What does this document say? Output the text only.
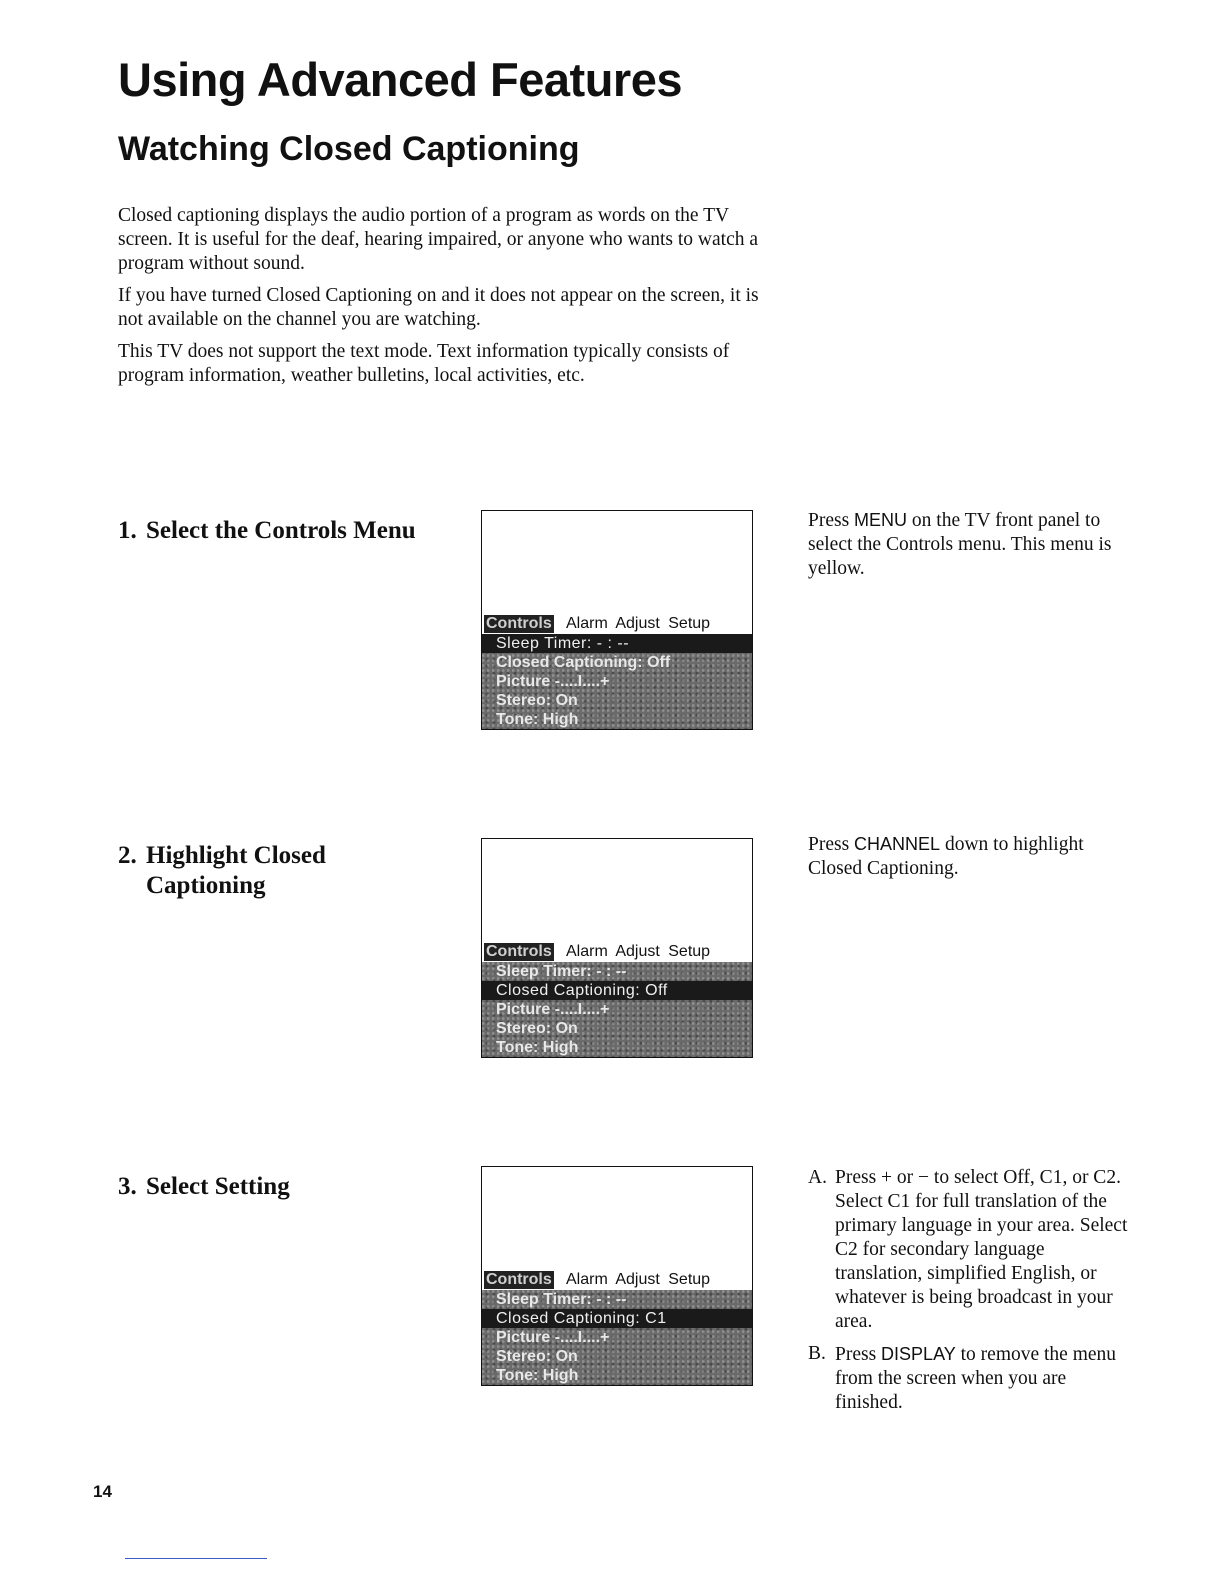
Using Advanced Features
Watching Closed Captioning

Closed captioning displays the audio portion of a program as words on the TV screen. It is useful for the deaf, hearing impaired, or anyone who wants to watch a program without sound.

If you have turned Closed Captioning on and it does not appear on the screen, it is not available on the channel you are watching.

This TV does not support the text mode. Text information typically consists of program information, weather bulletins, local activities, etc.

1. Select the Controls Menu
Controls Alarm Adjust Setup
Sleep Timer: - : --
Closed Captioning: Off
Picture -....I....+
Stereo: On
Tone: High

Press MENU on the TV front panel to select the Controls menu. This menu is yellow.

2. Highlight Closed Captioning
Controls Alarm Adjust Setup
Sleep Timer: - : --
Closed Captioning: Off
Picture -....I....+
Stereo: On
Tone: High

Press CHANNEL down to highlight Closed Captioning.

3. Select Setting
Controls Alarm Adjust Setup
Sleep Timer: - : --
Closed Captioning: C1
Picture -....I....+
Stereo: On
Tone: High
A. Press + or − to select Off, C1, or C2. Select C1 for full translation of the primary language in your area. Select C2 for secondary language translation, simplified English, or whatever is being broadcast in your area.
B. Press DISPLAY to remove the menu from the screen when you are finished.
14
